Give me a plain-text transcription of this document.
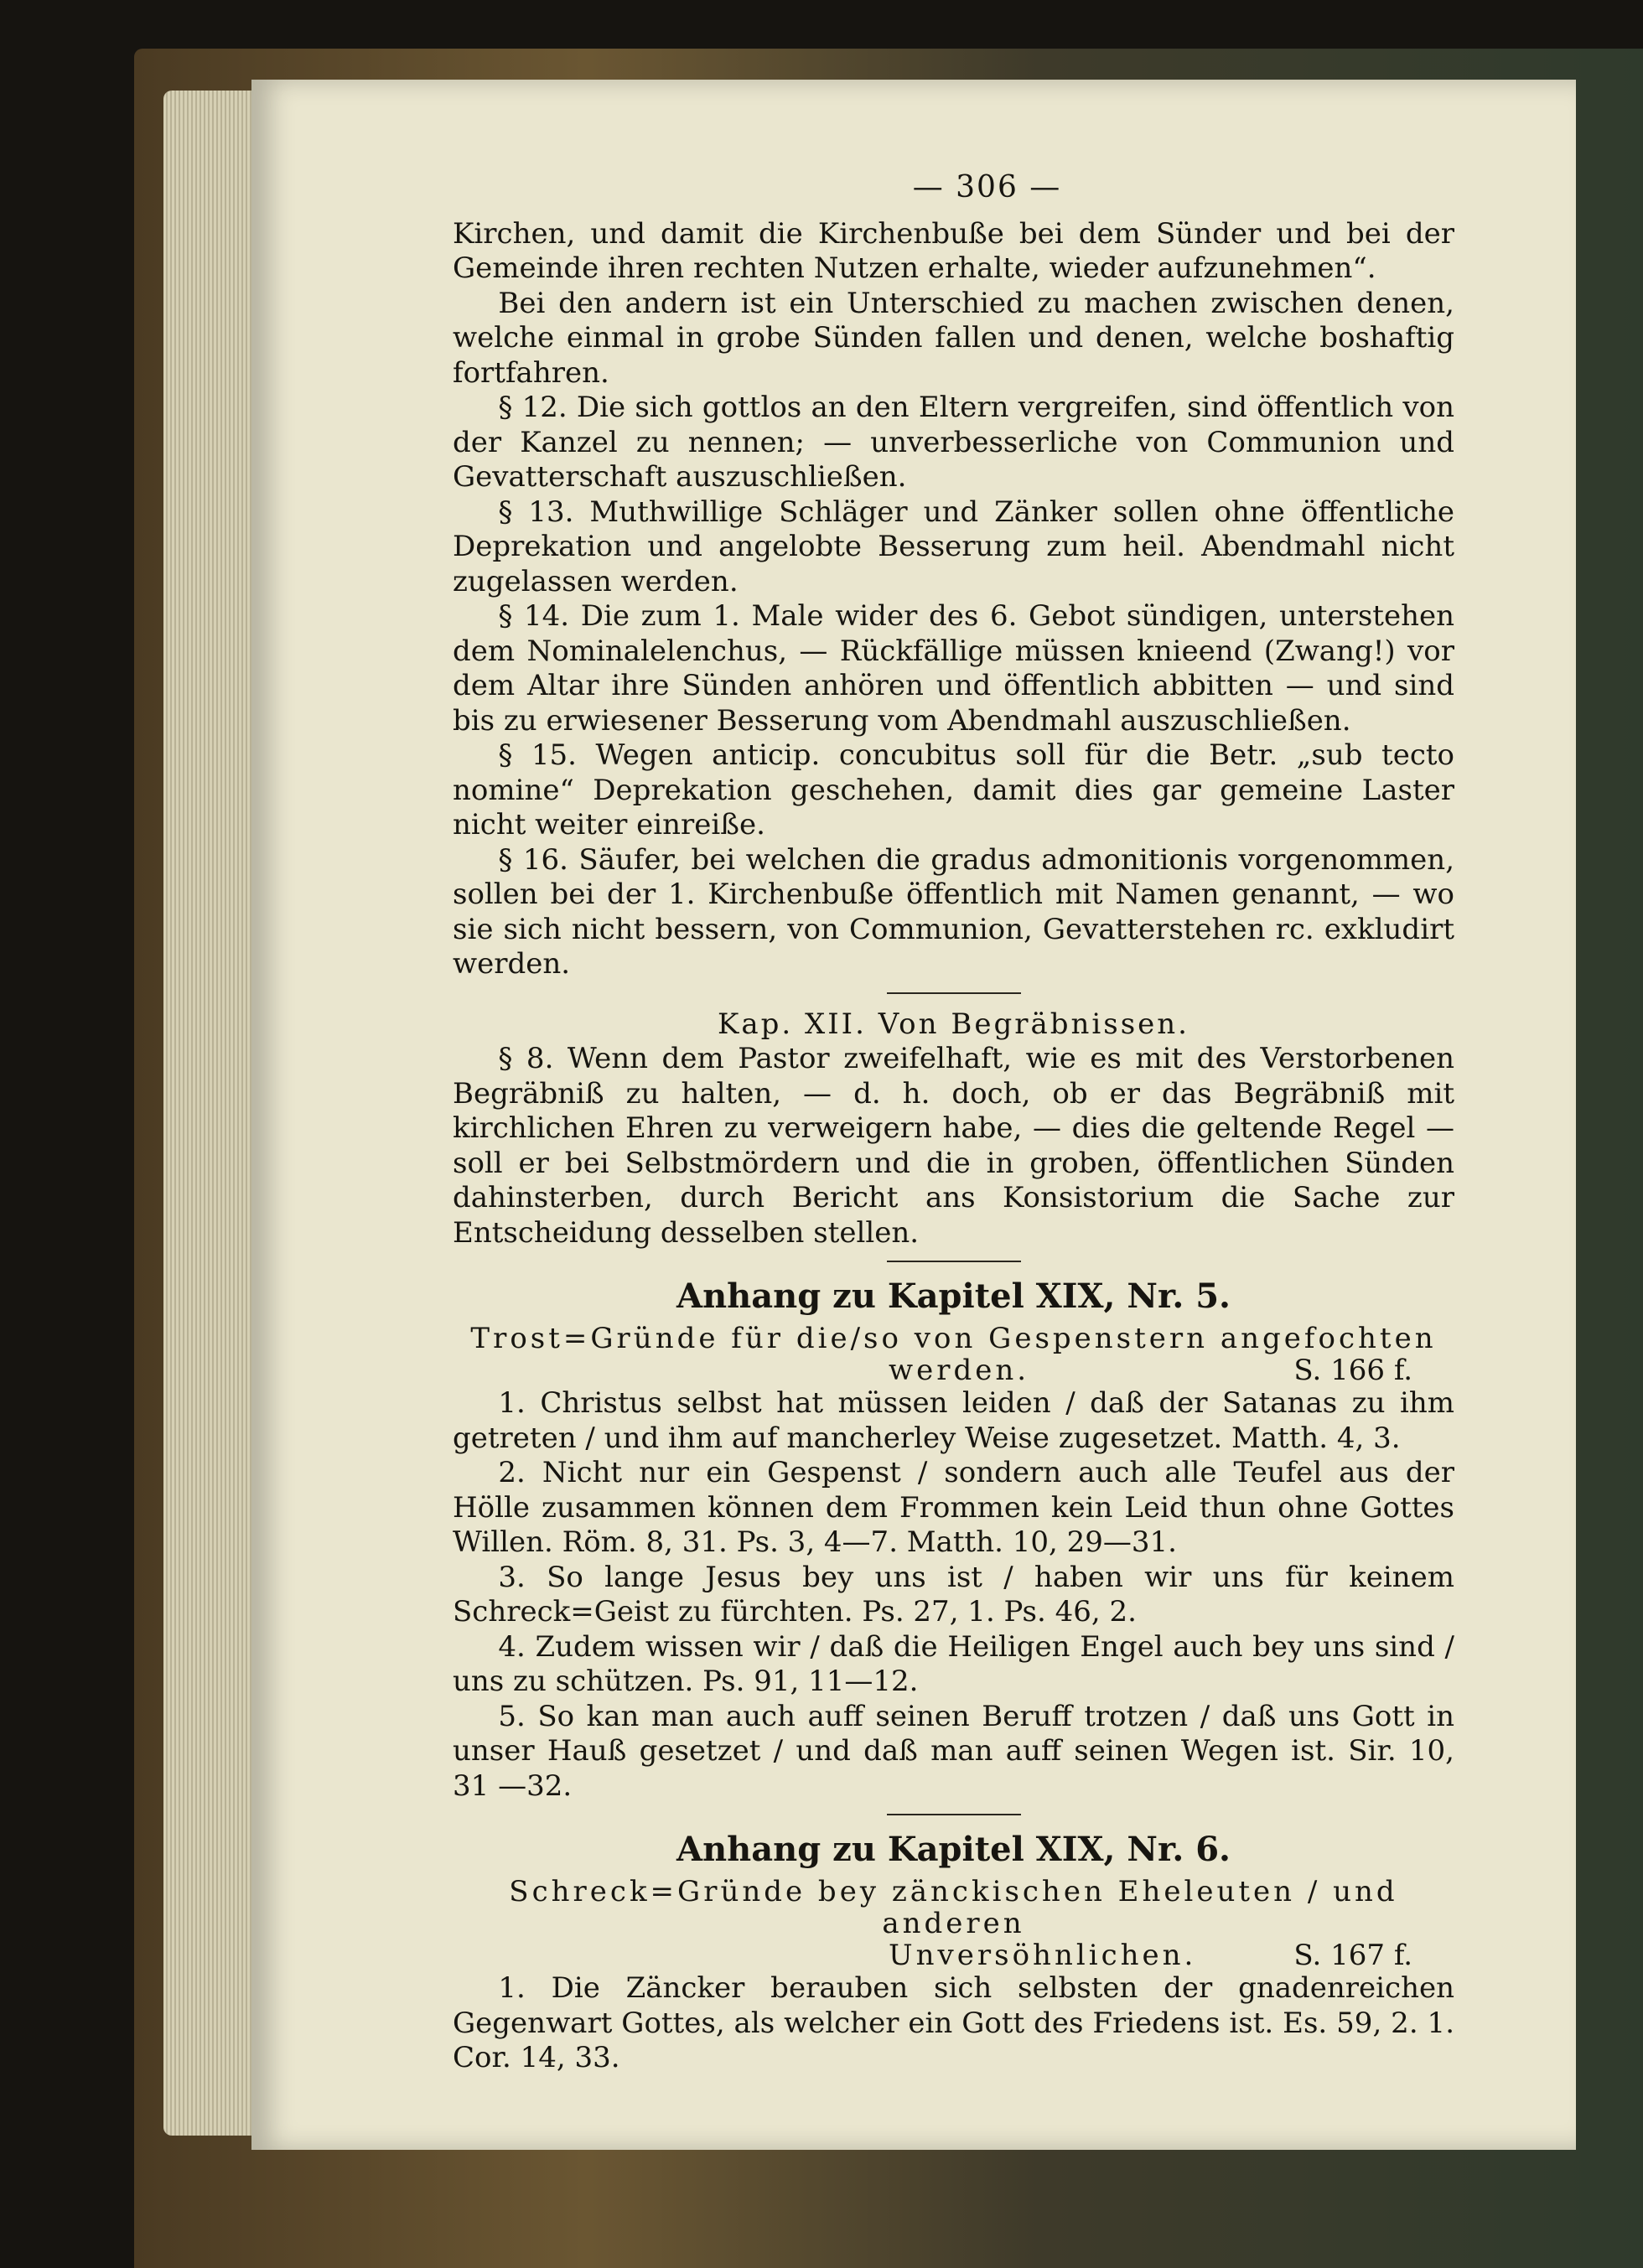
— 306 —

Kirchen, und damit die Kirchenbuße bei dem Sünder und bei der Gemeinde ihren rechten Nutzen erhalte, wieder aufzunehmen“.

Bei den andern ist ein Unterschied zu machen zwischen denen, welche einmal in grobe Sünden fallen und denen, welche boshaftig fortfahren.

§ 12. Die sich gottlos an den Eltern vergreifen, sind öffentlich von der Kanzel zu nennen; — unverbesserliche von Communion und Gevatterschaft auszuschließen.

§ 13. Muthwillige Schläger und Zänker sollen ohne öffentliche Deprekation und angelobte Besserung zum heil. Abendmahl nicht zugelassen werden.

§ 14. Die zum 1. Male wider des 6. Gebot sündigen, unterstehen dem Nominalelenchus, — Rückfällige müssen knieend (Zwang!) vor dem Altar ihre Sünden anhören und öffentlich abbitten — und sind bis zu erwiesener Besserung vom Abendmahl auszuschließen.

§ 15. Wegen anticip. concubitus soll für die Betr. „sub tecto nomine“ Deprekation geschehen, damit dies gar gemeine Laster nicht weiter einreiße.

§ 16. Säufer, bei welchen die gradus admonitionis vorgenommen, sollen bei der 1. Kirchenbuße öffentlich mit Namen genannt, — wo sie sich nicht bessern, von Communion, Gevatterstehen rc. exkludirt werden.

Kap. XII. Von Begräbnissen.

§ 8. Wenn dem Pastor zweifelhaft, wie es mit des Verstorbenen Begräbniß zu halten, — d. h. doch, ob er das Begräbniß mit kirchlichen Ehren zu verweigern habe, — dies die geltende Regel — soll er bei Selbstmördern und die in groben, öffentlichen Sünden dahinsterben, durch Bericht ans Konsistorium die Sache zur Entscheidung desselben stellen.

Anhang zu Kapitel XIX, Nr. 5.

Trost=Gründe für die/so von Gespenstern angefochten

werden.	S. 166 f.

1. Christus selbst hat müssen leiden / daß der Satanas zu ihm getreten / und ihm auf mancherley Weise zugesetzet. Matth. 4, 3.

2. Nicht nur ein Gespenst / sondern auch alle Teufel aus der Hölle zusammen können dem Frommen kein Leid thun ohne Gottes Willen. Röm. 8, 31. Ps. 3, 4—7. Matth. 10, 29—31.

3. So lange Jesus bey uns ist / haben wir uns für keinem Schreck=Geist zu fürchten. Ps. 27, 1. Ps. 46, 2.

4. Zudem wissen wir / daß die Heiligen Engel auch bey uns sind / uns zu schützen. Ps. 91, 11—12.

5. So kan man auch auff seinen Beruff trotzen / daß uns Gott in unser Hauß gesetzet / und daß man auff seinen Wegen ist. Sir. 10, 31 —32.

Anhang zu Kapitel XIX, Nr. 6.

Schreck=Gründe bey zänckischen Eheleuten / und anderen

Unversöhnlichen.	S. 167 f.

1. Die Zäncker berauben sich selbsten der gnadenreichen Gegenwart Gottes, als welcher ein Gott des Friedens ist. Es. 59, 2. 1. Cor. 14, 33.
